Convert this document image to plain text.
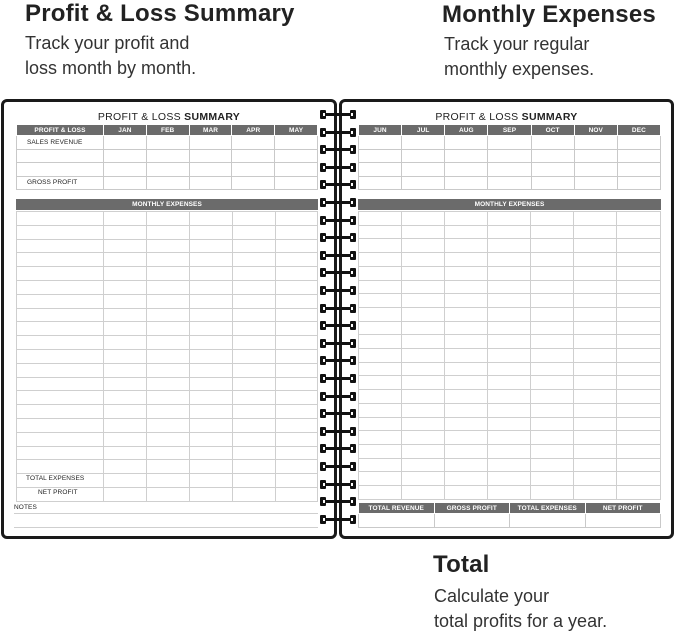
Profit & Loss Summary
Track your profit and
loss month by month.
Monthly Expenses
Track your regular
monthly expenses.
PROFIT & LOSS SUMMARY
PROFIT & LOSS	JAN	FEB	MAR	APR	MAY
SALES REVENUE					

GROSS PROFIT					
MONTHLY EXPENSES
TOTAL EXPENSES
NET PROFIT
NOTES
PROFIT & LOSS SUMMARY
JUN	JUL	AUG	SEP	OCT	NOV	DEC

MONTHLY EXPENSES
TOTAL REVENUE	GROSS PROFIT	TOTAL EXPENSES	NET PROFIT

Total
Calculate your
total profits for a year.
